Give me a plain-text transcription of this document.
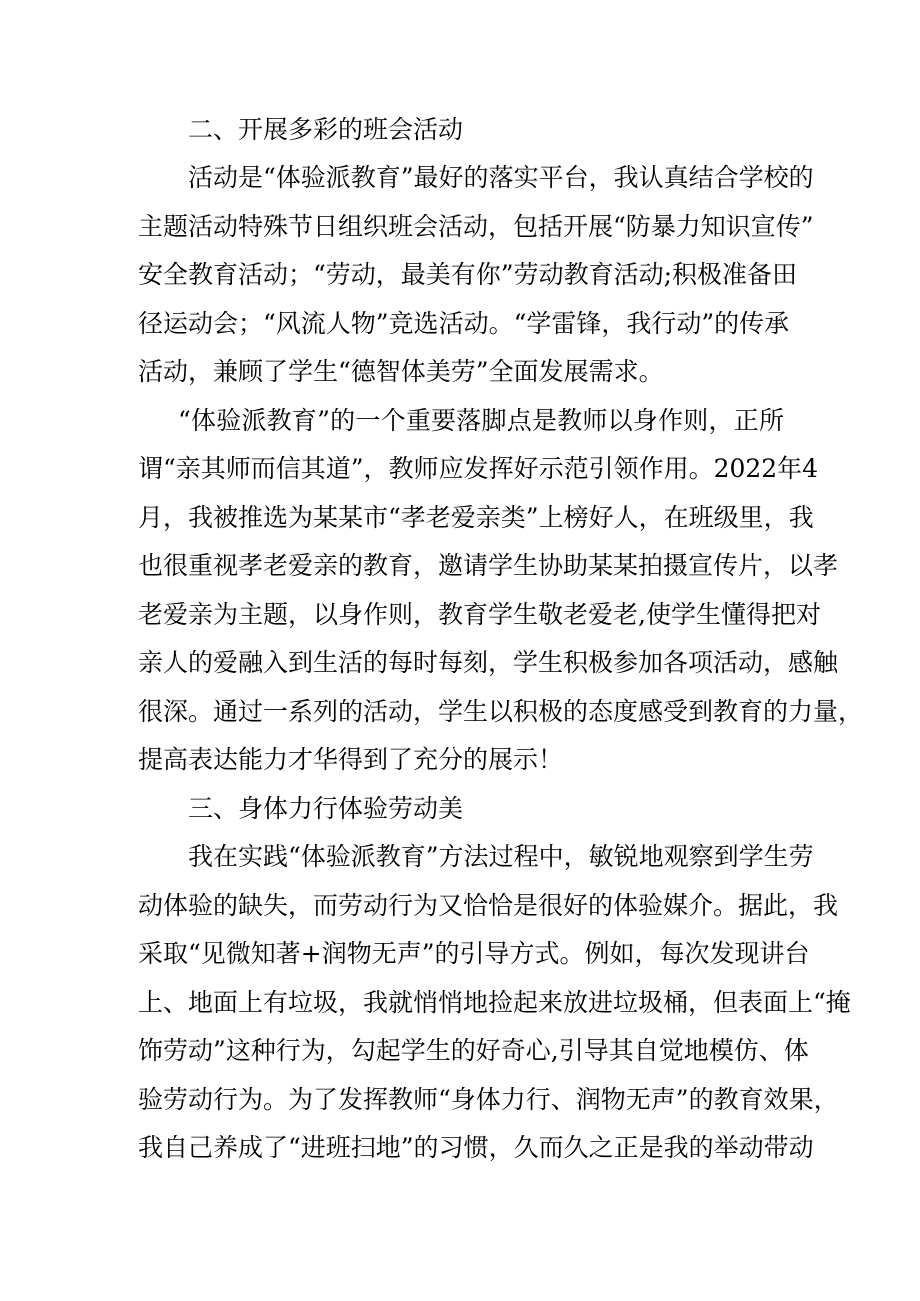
二、开展多彩的班会活动
活动是“体验派教育”最好的落实平台，我认真结合学校的
主题活动特殊节日组织班会活动，包括开展“防暴力知识宣传”
安全教育活动；“劳动，最美有你”劳动教育活动;积极准备田
径运动会；“风流人物”竞选活动。“学雷锋，我行动”的传承
活动，兼顾了学生“德智体美劳”全面发展需求。
“体验派教育”的一个重要落脚点是教师以身作则，正所
谓“亲其师而信其道”，教师应发挥好示范引领作用。2022年4
月，我被推选为某某市“孝老爱亲类”上榜好人，在班级里，我
也很重视孝老爱亲的教育，邀请学生协助某某拍摄宣传片，以孝
老爱亲为主题，以身作则，教育学生敬老爱老,使学生懂得把对
亲人的爱融入到生活的每时每刻，学生积极参加各项活动，感触
很深。通过一系列的活动，学生以积极的态度感受到教育的力量，
提高表达能力才华得到了充分的展示！
三、身体力行体验劳动美
我在实践“体验派教育”方法过程中，敏锐地观察到学生劳
动体验的缺失，而劳动行为又恰恰是很好的体验媒介。据此，我
采取“见微知著+润物无声”的引导方式。例如，每次发现讲台
上、地面上有垃圾，我就悄悄地捡起来放进垃圾桶，但表面上“掩
饰劳动”这种行为，勾起学生的好奇心,引导其自觉地模仿、体
验劳动行为。为了发挥教师“身体力行、润物无声”的教育效果，
我自己养成了“进班扫地”的习惯，久而久之正是我的举动带动
